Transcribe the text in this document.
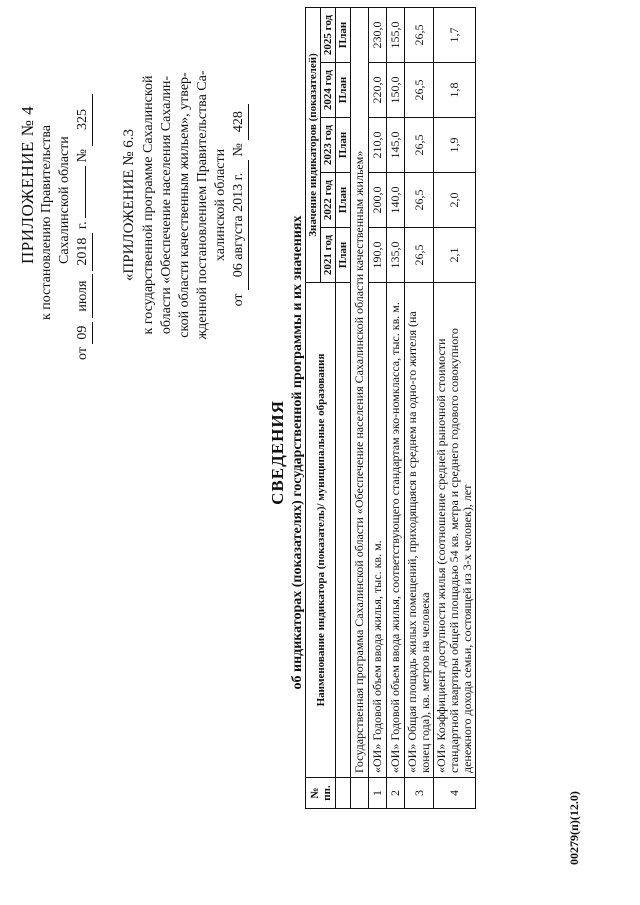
ПРИЛОЖЕНИЕ № 4 к постановлению Правительства Сахалинской области
от 09 июля 2018 г.  № 325
«ПРИЛОЖЕНИЕ № 6.3 к государственной программе Сахалинской области «Обеспечение населения Сахалин- ской области качественным жильем», утвер- жденной постановлением Правительства Са- халинской области
от 06 августа 2013 г. № 428
СВЕДЕНИЯ об индикаторах (показателях) государственной программы и их значениях
№ пп.	Наименование индикатора (показатель)/ муниципальные образования	Значение индикаторов (показателей)				
		2021 год	2022 год	2023 год	2024 год	2025 год
		План	План	План	План	План
	Государственная программа Сахалинской области «Обеспечение населения Сахалинской области качественным жильем»					
1	«ОИ» Годовой объем ввода жилья, тыс. кв. м.	190,0	200,0	210,0	220,0	230,0
2	«ОИ» Годовой объем ввода жилья, соответствующего стандартам эко-номкласса, тыс. кв. м.	135,0	140,0	145,0	150,0	155,0
3	«ОИ» Общая площадь жилых помещений, приходящаяся в среднем на одно-го жителя (на конец года), кв. метров на человека	26,5	26,5	26,5	26,5	26,5
4	«ОИ» Коэффициент доступности жилья (соотношение средней рыночной стоимости стандартной квартиры общей площадью 54 кв. метра и среднего годового совокупного денежного дохода семьи, состоящей из 3-х человек), лет	2,1	2,0	1,9	1,8	1,7
00279(п)(12.0)
